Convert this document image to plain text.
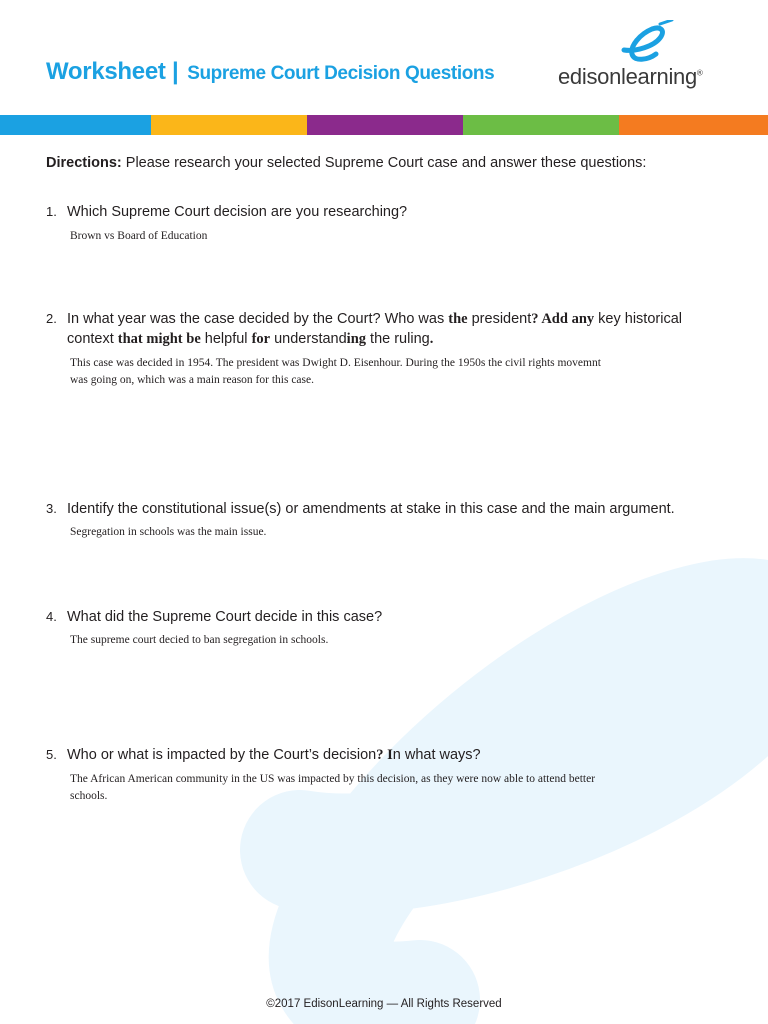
Worksheet | Supreme Court Decision Questions	edisonlearning®
Directions: Please research your selected Supreme Court case and answer these questions:
1. Which Supreme Court decision are you researching?
Brown vs Board of Education
2. In what year was the case decided by the Court? Who was the president? Add any key historical context that might be helpful for understanding the ruling.
This case was decided in 1954. The president was Dwight D. Eisenhour. During the 1950s the civil rights movemnt was going on, which was a main reason for this case.
3. Identify the constitutional issue(s) or amendments at stake in this case and the main argument.
Segregation in schools was the main issue.
4. What did the Supreme Court decide in this case?
The supreme court decied to ban segregation in schools.
5. Who or what is impacted by the Court’s decision? In what ways?
The African American community in the US was impacted by this decision, as they were now able to attend better schools.
©2017 EdisonLearning — All Rights Reserved
